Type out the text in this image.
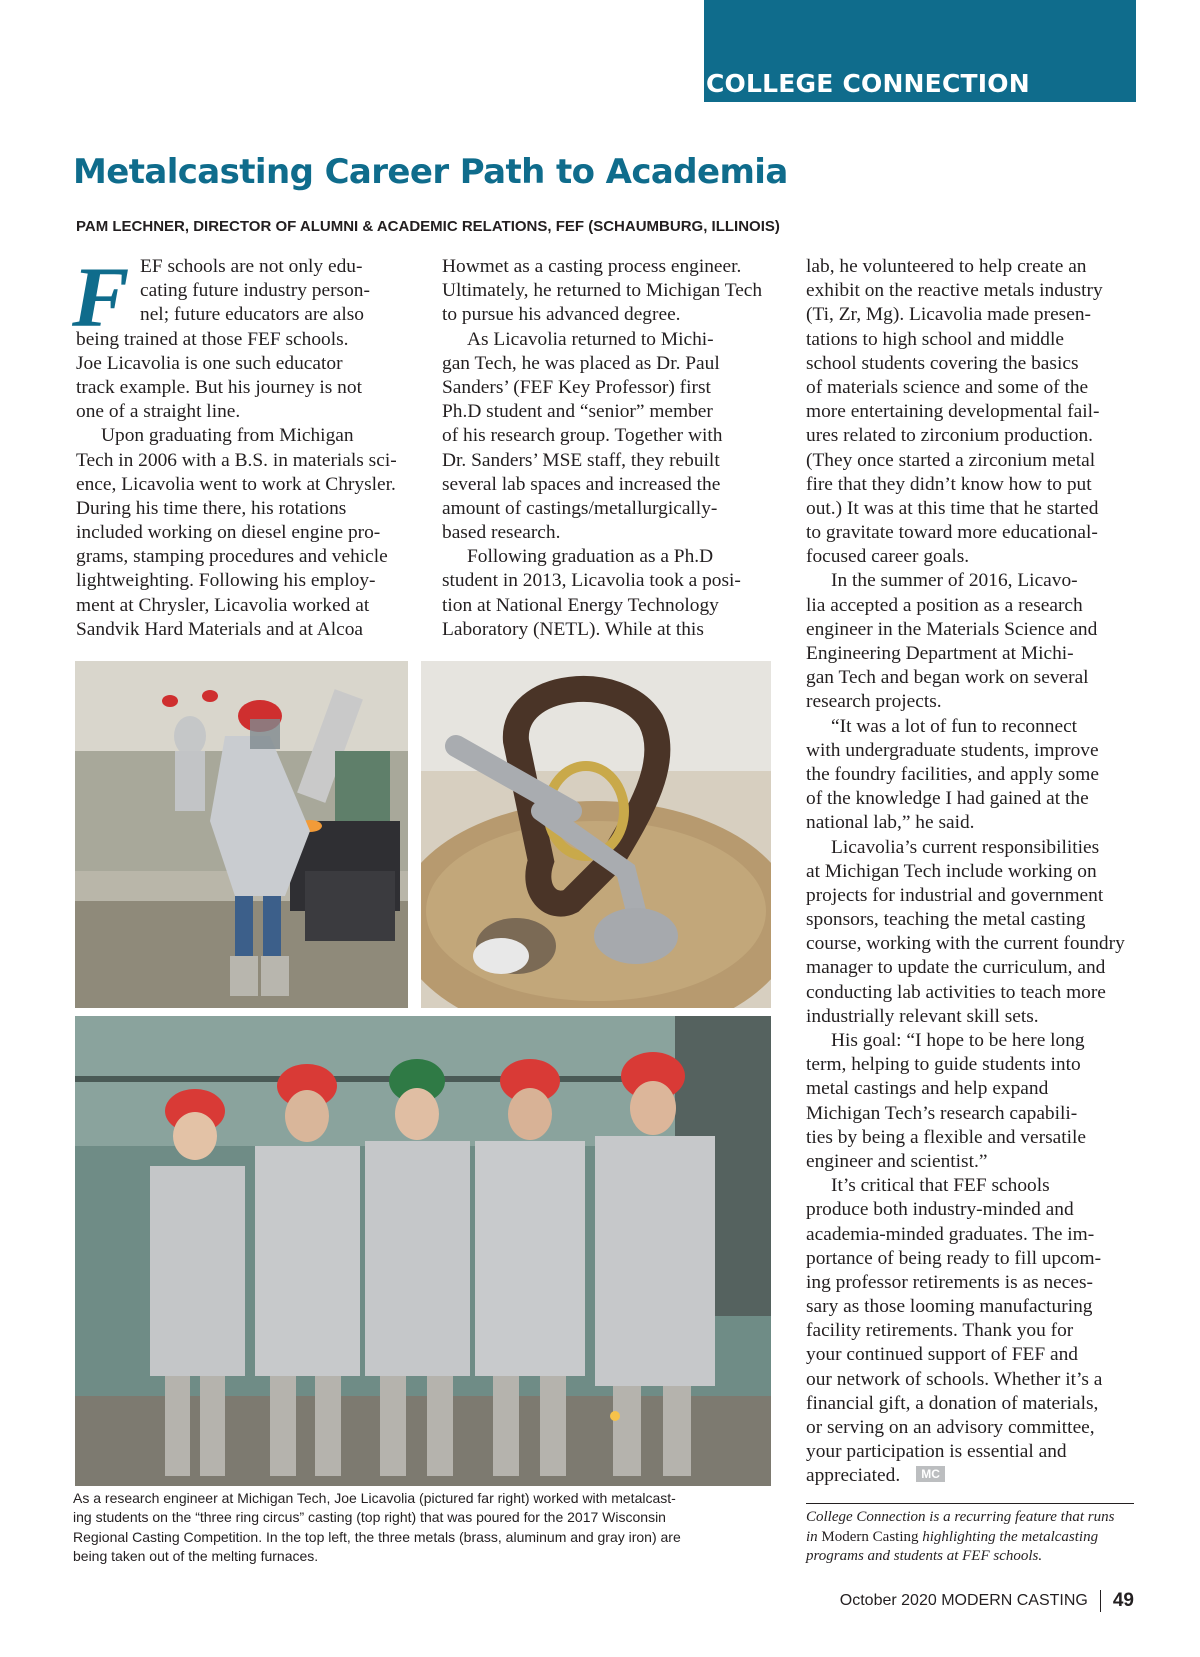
COLLEGE CONNECTION
Metalcasting Career Path to Academia
PAM LECHNER, DIRECTOR OF ALUMNI & ACADEMIC RELATIONS, FEF (SCHAUMBURG, ILLINOIS)
F EF schools are not only edu-
cating future industry person-
nel; future educators are also
being trained at those FEF schools.
Joe Licavolia is one such educator
track example. But his journey is not
one of a straight line.
Upon graduating from Michigan
Tech in 2006 with a B.S. in materials sci-
ence, Licavolia went to work at Chrysler.
During his time there, his rotations
included working on diesel engine pro-
grams, stamping procedures and vehicle
lightweighting. Following his employ-
ment at Chrysler, Licavolia worked at
Sandvik Hard Materials and at Alcoa
Howmet as a casting process engineer.
Ultimately, he returned to Michigan Tech
to pursue his advanced degree.
As Licavolia returned to Michi-
gan Tech, he was placed as Dr. Paul
Sanders’ (FEF Key Professor) first
Ph.D student and “senior” member
of his research group. Together with
Dr. Sanders’ MSE staff, they rebuilt
several lab spaces and increased the
amount of castings/metallurgically-
based research.
Following graduation as a Ph.D
student in 2013, Licavolia took a posi-
tion at National Energy Technology
Laboratory (NETL). While at this
lab, he volunteered to help create an
exhibit on the reactive metals industry
(Ti, Zr, Mg). Licavolia made presen-
tations to high school and middle
school students covering the basics
of materials science and some of the
more entertaining developmental fail-
ures related to zirconium production.
(They once started a zirconium metal
fire that they didn’t know how to put
out.) It was at this time that he started
to gravitate toward more educational-
focused career goals.
In the summer of 2016, Licavo-
lia accepted a position as a research
engineer in the Materials Science and
Engineering Department at Michi-
gan Tech and began work on several
research projects.
“It was a lot of fun to reconnect
with undergraduate students, improve
the foundry facilities, and apply some
of the knowledge I had gained at the
national lab,” he said.
Licavolia’s current responsibilities
at Michigan Tech include working on
projects for industrial and government
sponsors, teaching the metal casting
course, working with the current foundry
manager to update the curriculum, and
conducting lab activities to teach more
industrially relevant skill sets.
His goal: “I hope to be here long
term, helping to guide students into
metal castings and help expand
Michigan Tech’s research capabili-
ties by being a flexible and versatile
engineer and scientist.”
It’s critical that FEF schools
produce both industry-minded and
academia-minded graduates. The im-
portance of being ready to fill upcom-
ing professor retirements is as neces-
sary as those looming manufacturing
facility retirements. Thank you for
your continued support of FEF and
our network of schools. Whether it’s a
financial gift, a donation of materials,
or serving on an advisory committee,
your participation is essential and
appreciated. MC
As a research engineer at Michigan Tech, Joe Licavolia (pictured far right) worked with metalcast-
ing students on the “three ring circus” casting (top right) that was poured for the 2017 Wisconsin
Regional Casting Competition. In the top left, the three metals (brass, aluminum and gray iron) are
being taken out of the melting furnaces.
College Connection is a recurring feature that runs
in Modern Casting highlighting the metalcasting
programs and students at FEF schools.
October 2020
MODERN CASTING 49
